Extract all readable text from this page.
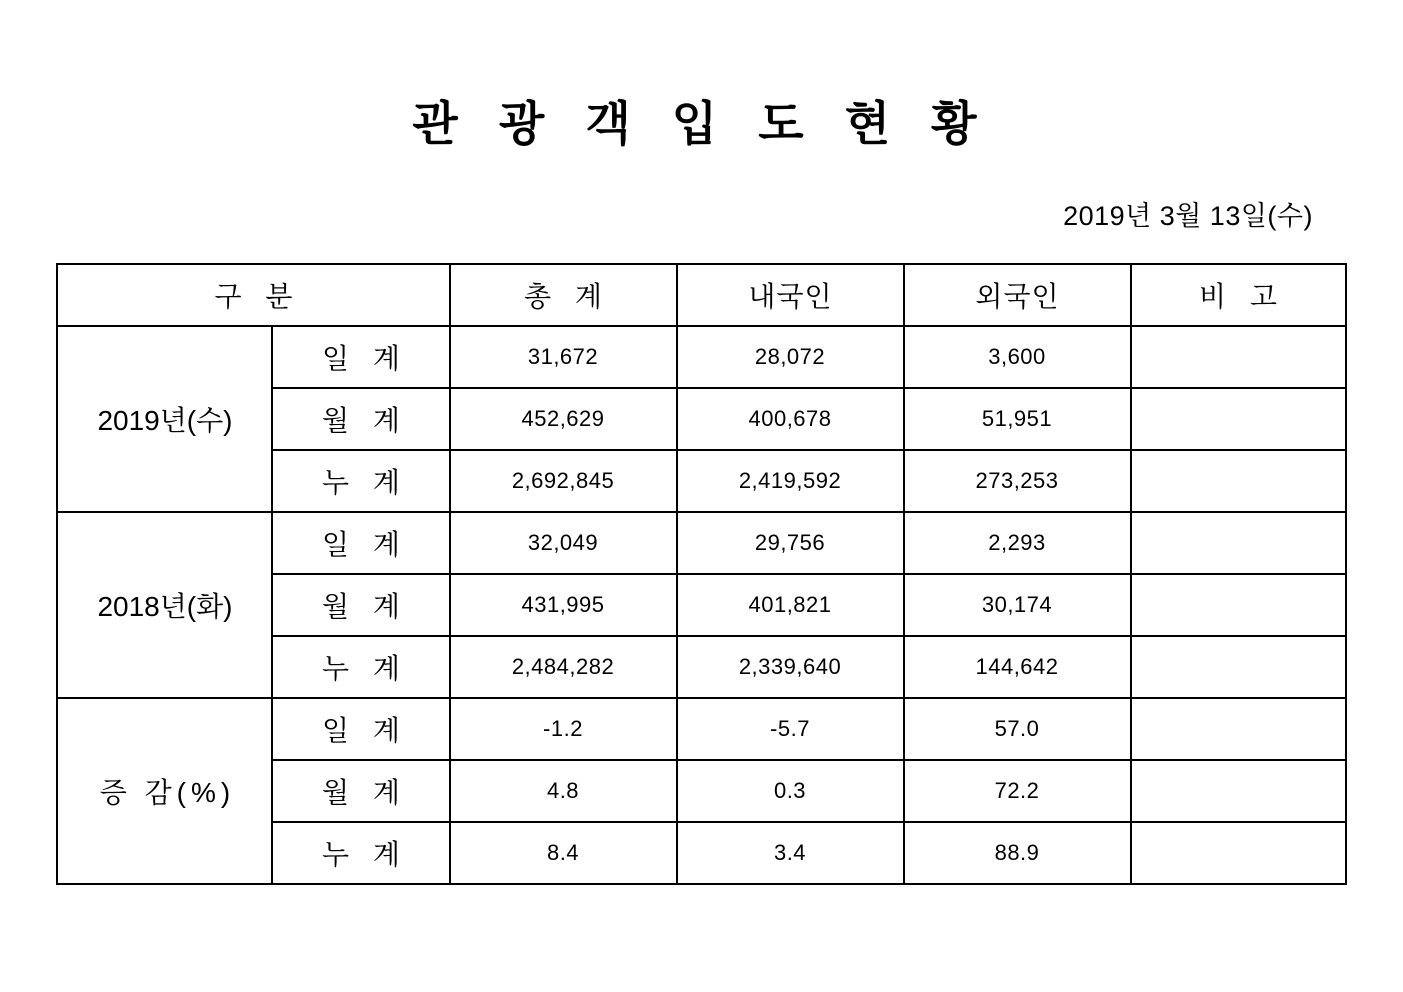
관 광 객 입 도 현 황
2019년 3월 13일(수)
구 분		총 계	내국인	외국인	비 고
2019년(수)	일 계	31,672	28,072	3,600	
	월 계	452,629	400,678	51,951	
	누 계	2,692,845	2,419,592	273,253	
2018년(화)	일 계	32,049	29,756	2,293	
	월 계	431,995	401,821	30,174	
	누 계	2,484,282	2,339,640	144,642	
증 감(%)	일 계	-1.2	-5.7	57.0	
	월 계	4.8	0.3	72.2	
	누 계	8.4	3.4	88.9	
